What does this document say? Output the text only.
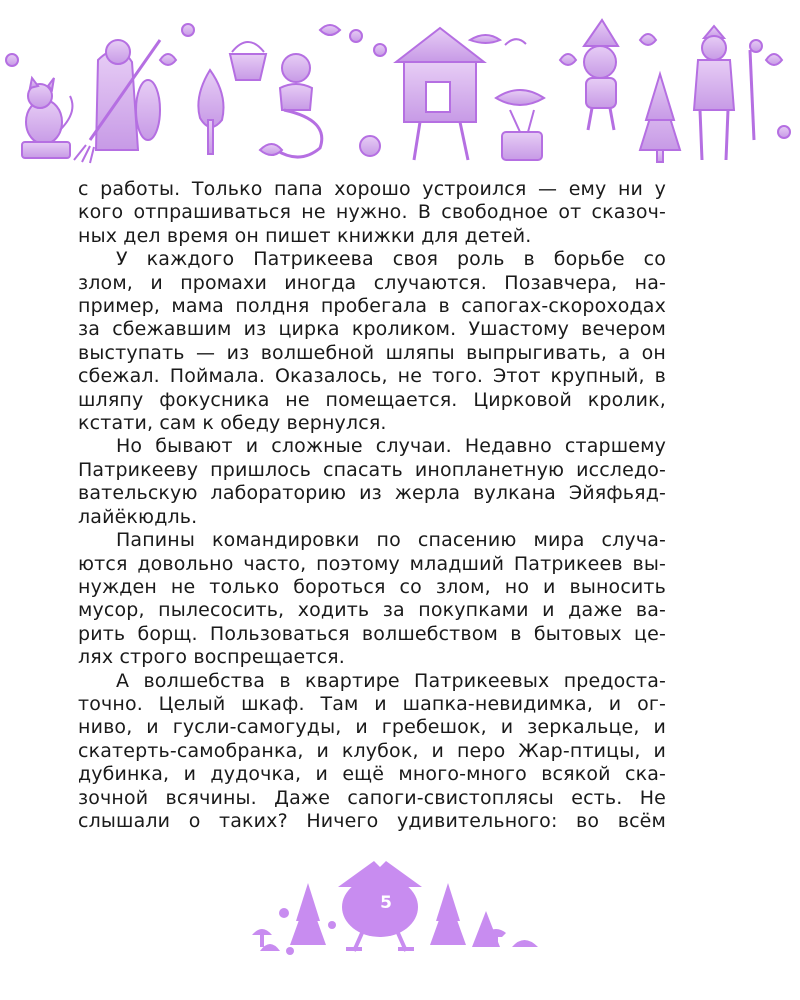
с работы. Только папа хорошо устроился — ему ни у
кого отпрашиваться не нужно. В свободное от сказоч-
ных дел время он пишет книжки для детей.

У каждого Патрикеева своя роль в борьбе со
злом, и промахи иногда случаются. Позавчера, на-
пример, мама полдня пробегала в сапогах-скороходах
за сбежавшим из цирка кроликом. Ушастому вечером
выступать — из волшебной шляпы выпрыгивать, а он
сбежал. Поймала. Оказалось, не того. Этот крупный, в
шляпу фокусника не помещается. Цирковой кролик,
кстати, сам к обеду вернулся.

Но бывают и сложные случаи. Недавно старшему
Патрикееву пришлось спасать инопланетную исследо-
вательскую лабораторию из жерла вулкана Эйяфьяд-
лайёкюдль.

Папины командировки по спасению мира случа-
ются довольно часто, поэтому младший Патрикеев вы-
нужден не только бороться со злом, но и выносить
мусор, пылесосить, ходить за покупками и даже ва-
рить борщ. Пользоваться волшебством в бытовых це-
лях строго воспрещается.

А волшебства в квартире Патрикеевых предоста-
точно. Целый шкаф. Там и шапка-невидимка, и ог-
ниво, и гусли-самогуды, и гребешок, и зеркальце, и
скатерть-самобранка, и клубок, и перо Жар-птицы, и
дубинка, и дудочка, и ещё много-много всякой ска-
зочной всячины. Даже сапоги-свистоплясы есть. Не
слышали о таких? Ничего удивительного: во всём

5
